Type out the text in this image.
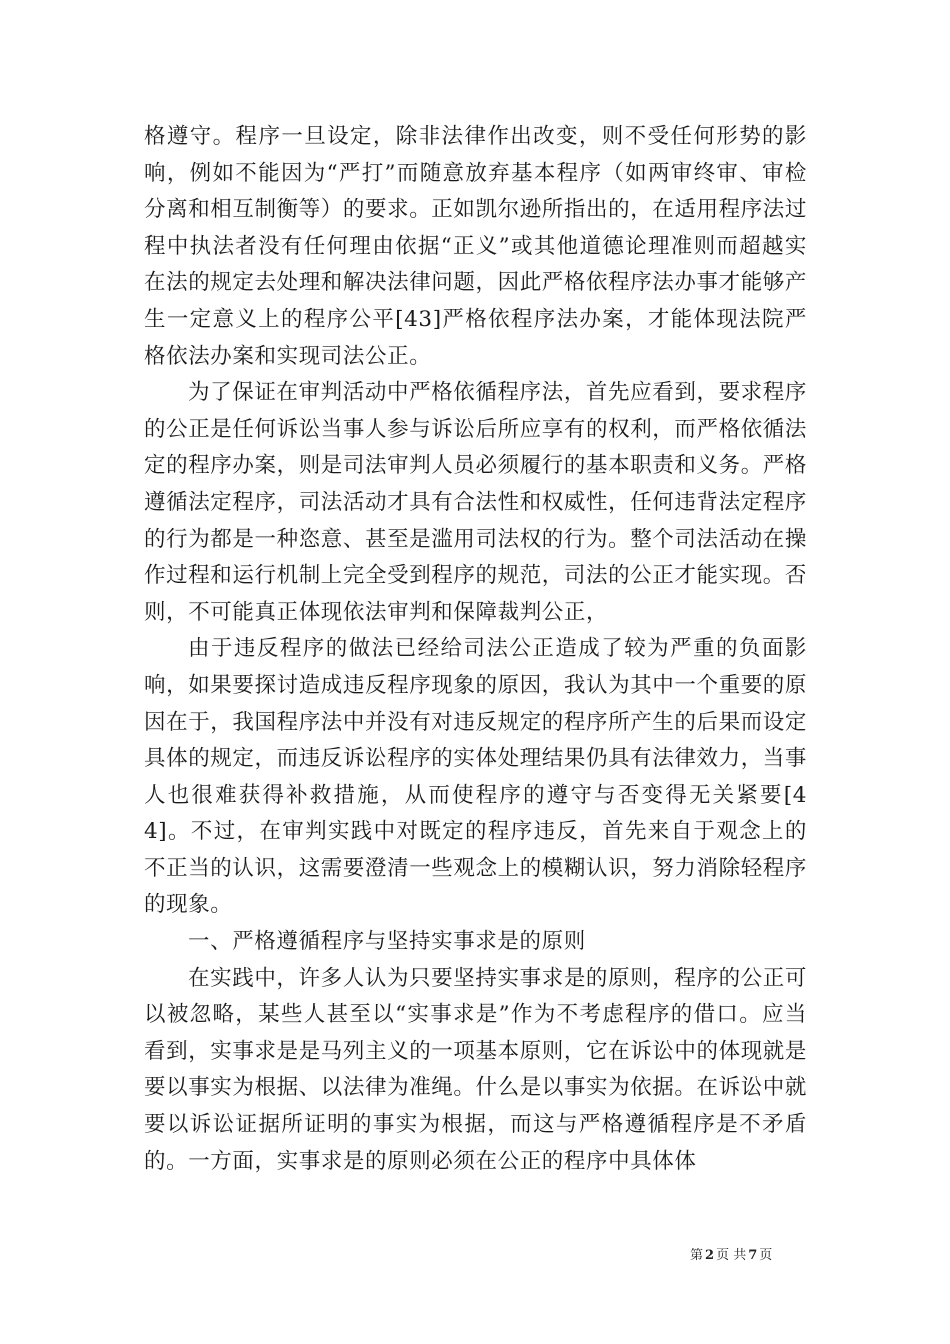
格遵守。程序一旦设定，除非法律作出改变，则不受任何形势的影响，例如不能因为“严打”而随意放弃基本程序（如两审终审、审检分离和相互制衡等）的要求。正如凯尔逊所指出的，在适用程序法过程中执法者没有任何理由依据“正义”或其他道德论理准则而超越实在法的规定去处理和解决法律问题，因此严格依程序法办事才能够产生一定意义上的程序公平[43]严格依程序法办案，才能体现法院严格依法办案和实现司法公正。

为了保证在审判活动中严格依循程序法，首先应看到，要求程序的公正是任何诉讼当事人参与诉讼后所应享有的权利，而严格依循法定的程序办案，则是司法审判人员必须履行的基本职责和义务。严格遵循法定程序，司法活动才具有合法性和权威性，任何违背法定程序的行为都是一种恣意、甚至是滥用司法权的行为。整个司法活动在操作过程和运行机制上完全受到程序的规范，司法的公正才能实现。否则，不可能真正体现依法审判和保障裁判公正，

由于违反程序的做法已经给司法公正造成了较为严重的负面影响，如果要探讨造成违反程序现象的原因，我认为其中一个重要的原因在于，我国程序法中并没有对违反规定的程序所产生的后果而设定具体的规定，而违反诉讼程序的实体处理结果仍具有法律效力，当事人也很难获得补救措施，从而使程序的遵守与否变得无关紧要[44]。不过，在审判实践中对既定的程序违反，首先来自于观念上的不正当的认识，这需要澄清一些观念上的模糊认识，努力消除轻程序的现象。

一、严格遵循程序与坚持实事求是的原则

在实践中，许多人认为只要坚持实事求是的原则，程序的公正可以被忽略，某些人甚至以“实事求是”作为不考虑程序的借口。应当看到，实事求是是马列主义的一项基本原则，它在诉讼中的体现就是要以事实为根据、以法律为准绳。什么是以事实为依据。在诉讼中就要以诉讼证据所证明的事实为根据，而这与严格遵循程序是不矛盾的。一方面，实事求是的原则必须在公正的程序中具体体

第 2 页 共 7 页
